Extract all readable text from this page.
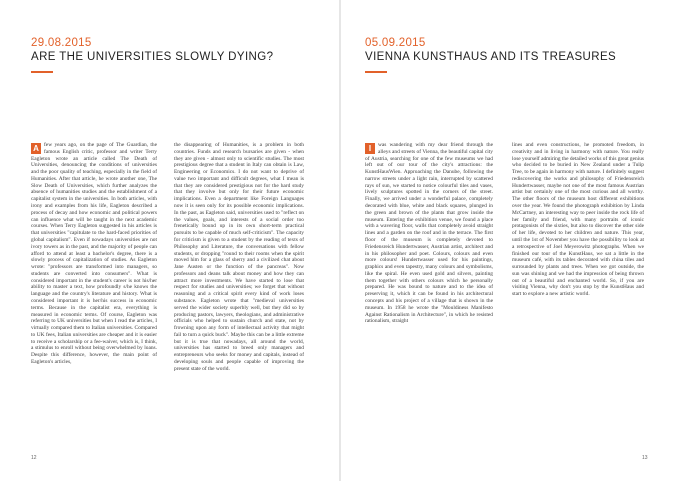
29.08.2015
ARE THE UNIVERSITIES SLOWLY DYING?
A few years ago, on the page of The Guardian, the famous English critic, professor and writer Terry Eagleton wrote an article called The Death of Universities, denouncing the conditions of universities and the poor quality of teaching, especially in the field of Humanities. After that article, he wrote another one, The Slow Death of Universities, which further analyzes the absence of humanities studies and the establishment of a capitalist system in the universities. In both articles, with irony and examples from his life, Eagleton described a process of decay and how economic and political powers can influence what will be taught in the next academic courses. When Terry Eagleton suggested in his articles is that universities "capitulate to the hard-faced priorities of global capitalism". Even if nowadays universities are not ivory towers as in the past, and the majority of people can afford to attend at least a bachelor's degree, there is a slowly process of capitalization of studies. As Eagleton wrote: "professors are transformed into managers, so students are converted into consumers". What is considered important in the student's career is not his/her ability to master a text, how profoundly s/he knows the language and the country's literature and history. What is considered important it is her/his success in economic terms. Because in the capitalist era, everything is measured in economic terms. Of course, Eagleton was referring to UK universities but when I read the articles, I virtually compared them to Italian universities. Compared to UK fees, Italian universities are cheaper and it is easier to receive a scholarship or a fee-waiver, which is, I think, a stimulus to enroll without being overwhelmed by loans. Despite this difference, however, the main point of Eagleton's articles,

the disappearing of Humanities, is a problem in both countries. Funds and research bursaries are given - when they are given - almost only to scientific studies. The most prestigious degree that a student in Italy can obtain is Law, Engineering or Economics. I do not want to deprive of value two important and difficult degrees, what I mean is that they are considered prestigious not for the hard study that they involve but only for their future economic implications. Even a department like Foreign Languages now it is seen only for its possible economic implications. In the past, as Eagleton said, universities used to "reflect on the values, goals, and interests of a social order too frenetically bound up in its own short-term practical pursuits to be capable of much self-criticism". The capacity for criticism is given to a student by the reading of texts of Philosophy and Literature, the conversations with fellow students, or dropping "round to their rooms when the spirit moved him for a glass of sherry and a civilized chat about Jane Austen or the function of the pancreas". Now professors and deans talk about money and how they can attract more investments. We have started to lose that respect for studies and universities; we forget that without reasoning and a critical spirit every kind of work loses substance. Eagleton wrote that "medieval universities served the wider society superbly well, but they did so by producing pastors, lawyers, theologians, and administrative officials who helped to sustain church and state, not by frowning upon any form of intellectual activity that might fail to turn a quick buck". Maybe this can be a little extreme but it is true that nowadays, all around the world, universities has started to breed only managers and entrepreneurs who seeks for money and capitals, instead of developing souls and people capable of improving the present state of the world.

12
05.09.2015
VIENNA KUNSTHAUS AND ITS TREASURES
I	was wandering with my dear friend through the alleys and streets of Vienna, the beautiful capital city of Austria, searching for one of the few museums we had left out of our tour of the city's attractions: the KunstHausWien. Approaching the Danube, following the narrow streets under a light rain, interrupted by scattered rays of sun, we started to notice colourful tiles and vases, lively sculptures spotted in the corners of the street. Finally, we arrived under a wonderful palace, completely decorated with blue, white and black squares, plunged in the green and brown of the plants that grow inside the museum. Entering the exhibition venue, we found a place with a wavering floor, walls that completely avoid straight lines and a garden on the roof and in the terrace. The first floor of the museum is completely devoted to Friedensreich Hundertwasser, Austrian artist, architect and in his philosopher and poet. Colours, colours and even more colours! Hundertwasser used for his paintings, graphics and even tapestry, many colours and symbolisms, like the spiral. He even used gold and silvers, painting them together with others colours which he personally prepared. He was bound to nature and to the idea of preserving it, which it can be found in his architectural concepts and his project of a village that is shown in the museum. In 1958 he wrote the "Mouldiness Manifesto Against Rationalism in Architecture", in which he resisted rationalism, straight

lines and even constructions, he promoted freedom, in creativity and in living in harmony with nature. You really lose yourself admiring the detailed works of this great genius who decided to be buried in New Zealand under a Tulip Tree, to be again in harmony with nature. I definitely suggest rediscovering the works and philosophy of Friedensreich Hundertwasser, maybe not one of the most famous Austrian artist but certainly one of the most curious and all worthy. The other floors of the museum host different exhibitions over the year. We found the photograph exhibition by Linda McCartney, an interesting way to peer inside the rock life of her family and friend, with many portraits of iconic protagonists of the sixties, but also to discover the other side of her life, devoted to her children and nature. This year, until the 1st of November you have the possibility to look at a retrospective of Joel Meyerowitz photographs. When we finished our tour of the KunstHaus, we sat a little in the museum café, with its tables decorated with china tiles and surrounded by plants and trees. When we got outside, the sun was shining and we had the impression of being thrown out of a beautiful and enchanted world. So, if you are visiting Vienna, why don't you stop by the KunstHaus and start to explore a new artistic world.

13
